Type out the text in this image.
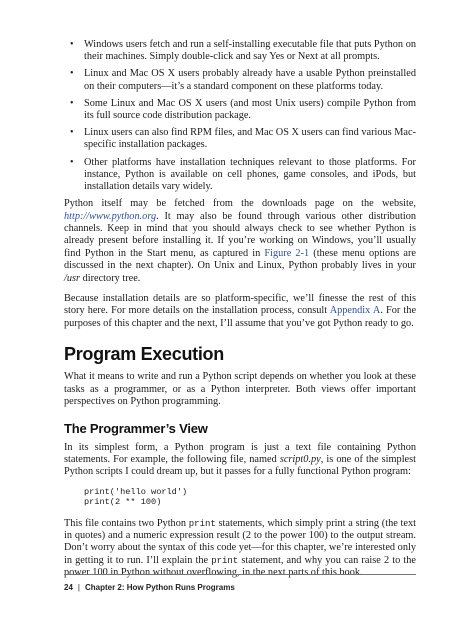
• Windows users fetch and run a self-installing executable file that puts Python on their machines. Simply double-click and say Yes or Next at all prompts.
• Linux and Mac OS X users probably already have a usable Python preinstalled on their computers—it’s a standard component on these platforms today.
• Some Linux and Mac OS X users (and most Unix users) compile Python from its full source code distribution package.
• Linux users can also find RPM files, and Mac OS X users can find various Mac-specific installation packages.
• Other platforms have installation techniques relevant to those platforms. For instance, Python is available on cell phones, game consoles, and iPods, but installation details vary widely.

Python itself may be fetched from the downloads page on the website, http://www.python.org. It may also be found through various other distribution channels. Keep in mind that you should always check to see whether Python is already present before installing it. If you’re working on Windows, you’ll usually find Python in the Start menu, as captured in Figure 2-1 (these menu options are discussed in the next chapter). On Unix and Linux, Python probably lives in your /usr directory tree.

Because installation details are so platform-specific, we’ll finesse the rest of this story here. For more details on the installation process, consult Appendix A. For the purposes of this chapter and the next, I’ll assume that you’ve got Python ready to go.

Program Execution

What it means to write and run a Python script depends on whether you look at these tasks as a programmer, or as a Python interpreter. Both views offer important perspectives on Python programming.

The Programmer’s View

In its simplest form, a Python program is just a text file containing Python statements. For example, the following file, named script0.py, is one of the simplest Python scripts I could dream up, but it passes for a fully functional Python program:

print('hello world')
print(2 ** 100)

This file contains two Python print statements, which simply print a string (the text in quotes) and a numeric expression result (2 to the power 100) to the output stream. Don’t worry about the syntax of this code yet—for this chapter, we’re interested only in getting it to run. I’ll explain the print statement, and why you can raise 2 to the power 100 in Python without overflowing, in the next parts of this book.

24 | Chapter 2: How Python Runs Programs
